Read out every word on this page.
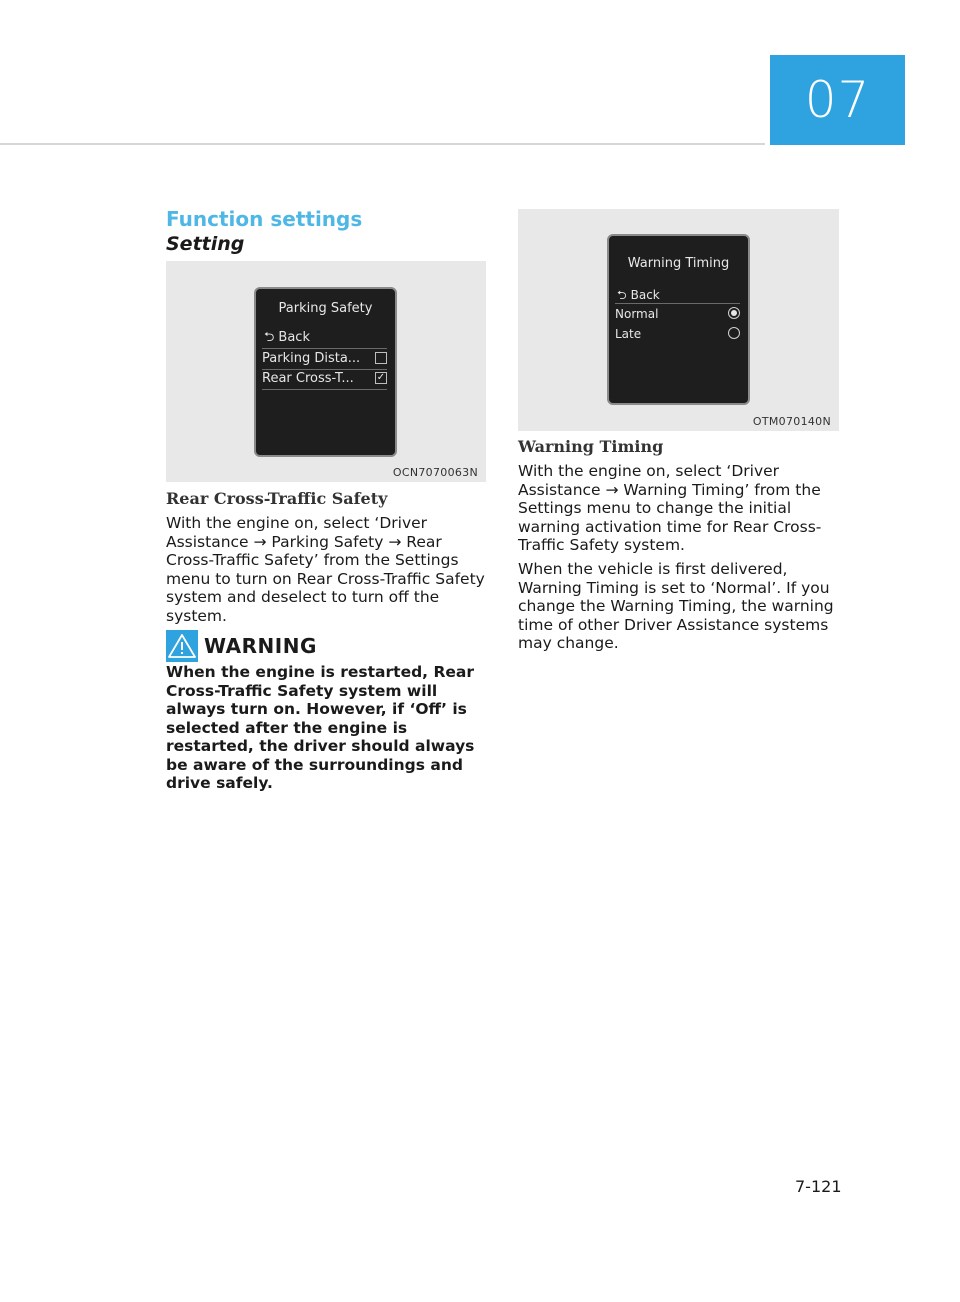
07
Function settings
Setting
Parking Safety
⮌ Back
Parking Dista...
Rear Cross-T... ✓
OCN7070063N
Rear Cross-Traffic Safety

With the engine on, select ‘Driver Assistance → Parking Safety → Rear Cross-Traffic Safety’ from the Settings menu to turn on Rear Cross-Traffic Safety system and deselect to turn off the system.

WARNING

When the engine is restarted, Rear Cross-Traffic Safety system will always turn on. However, if ‘Off’ is selected after the engine is restarted, the driver should always be aware of the surroundings and drive safely.

Warning Timing
⮌ Back
Normal
Late
OTM070140N
Warning Timing

With the engine on, select ‘Driver Assistance → Warning Timing’ from the Settings menu to change the initial warning activation time for Rear Cross-Traffic Safety system.

When the vehicle is first delivered, Warning Timing is set to ‘Normal’. If you change the Warning Timing, the warning time of other Driver Assistance systems may change.

7-121
